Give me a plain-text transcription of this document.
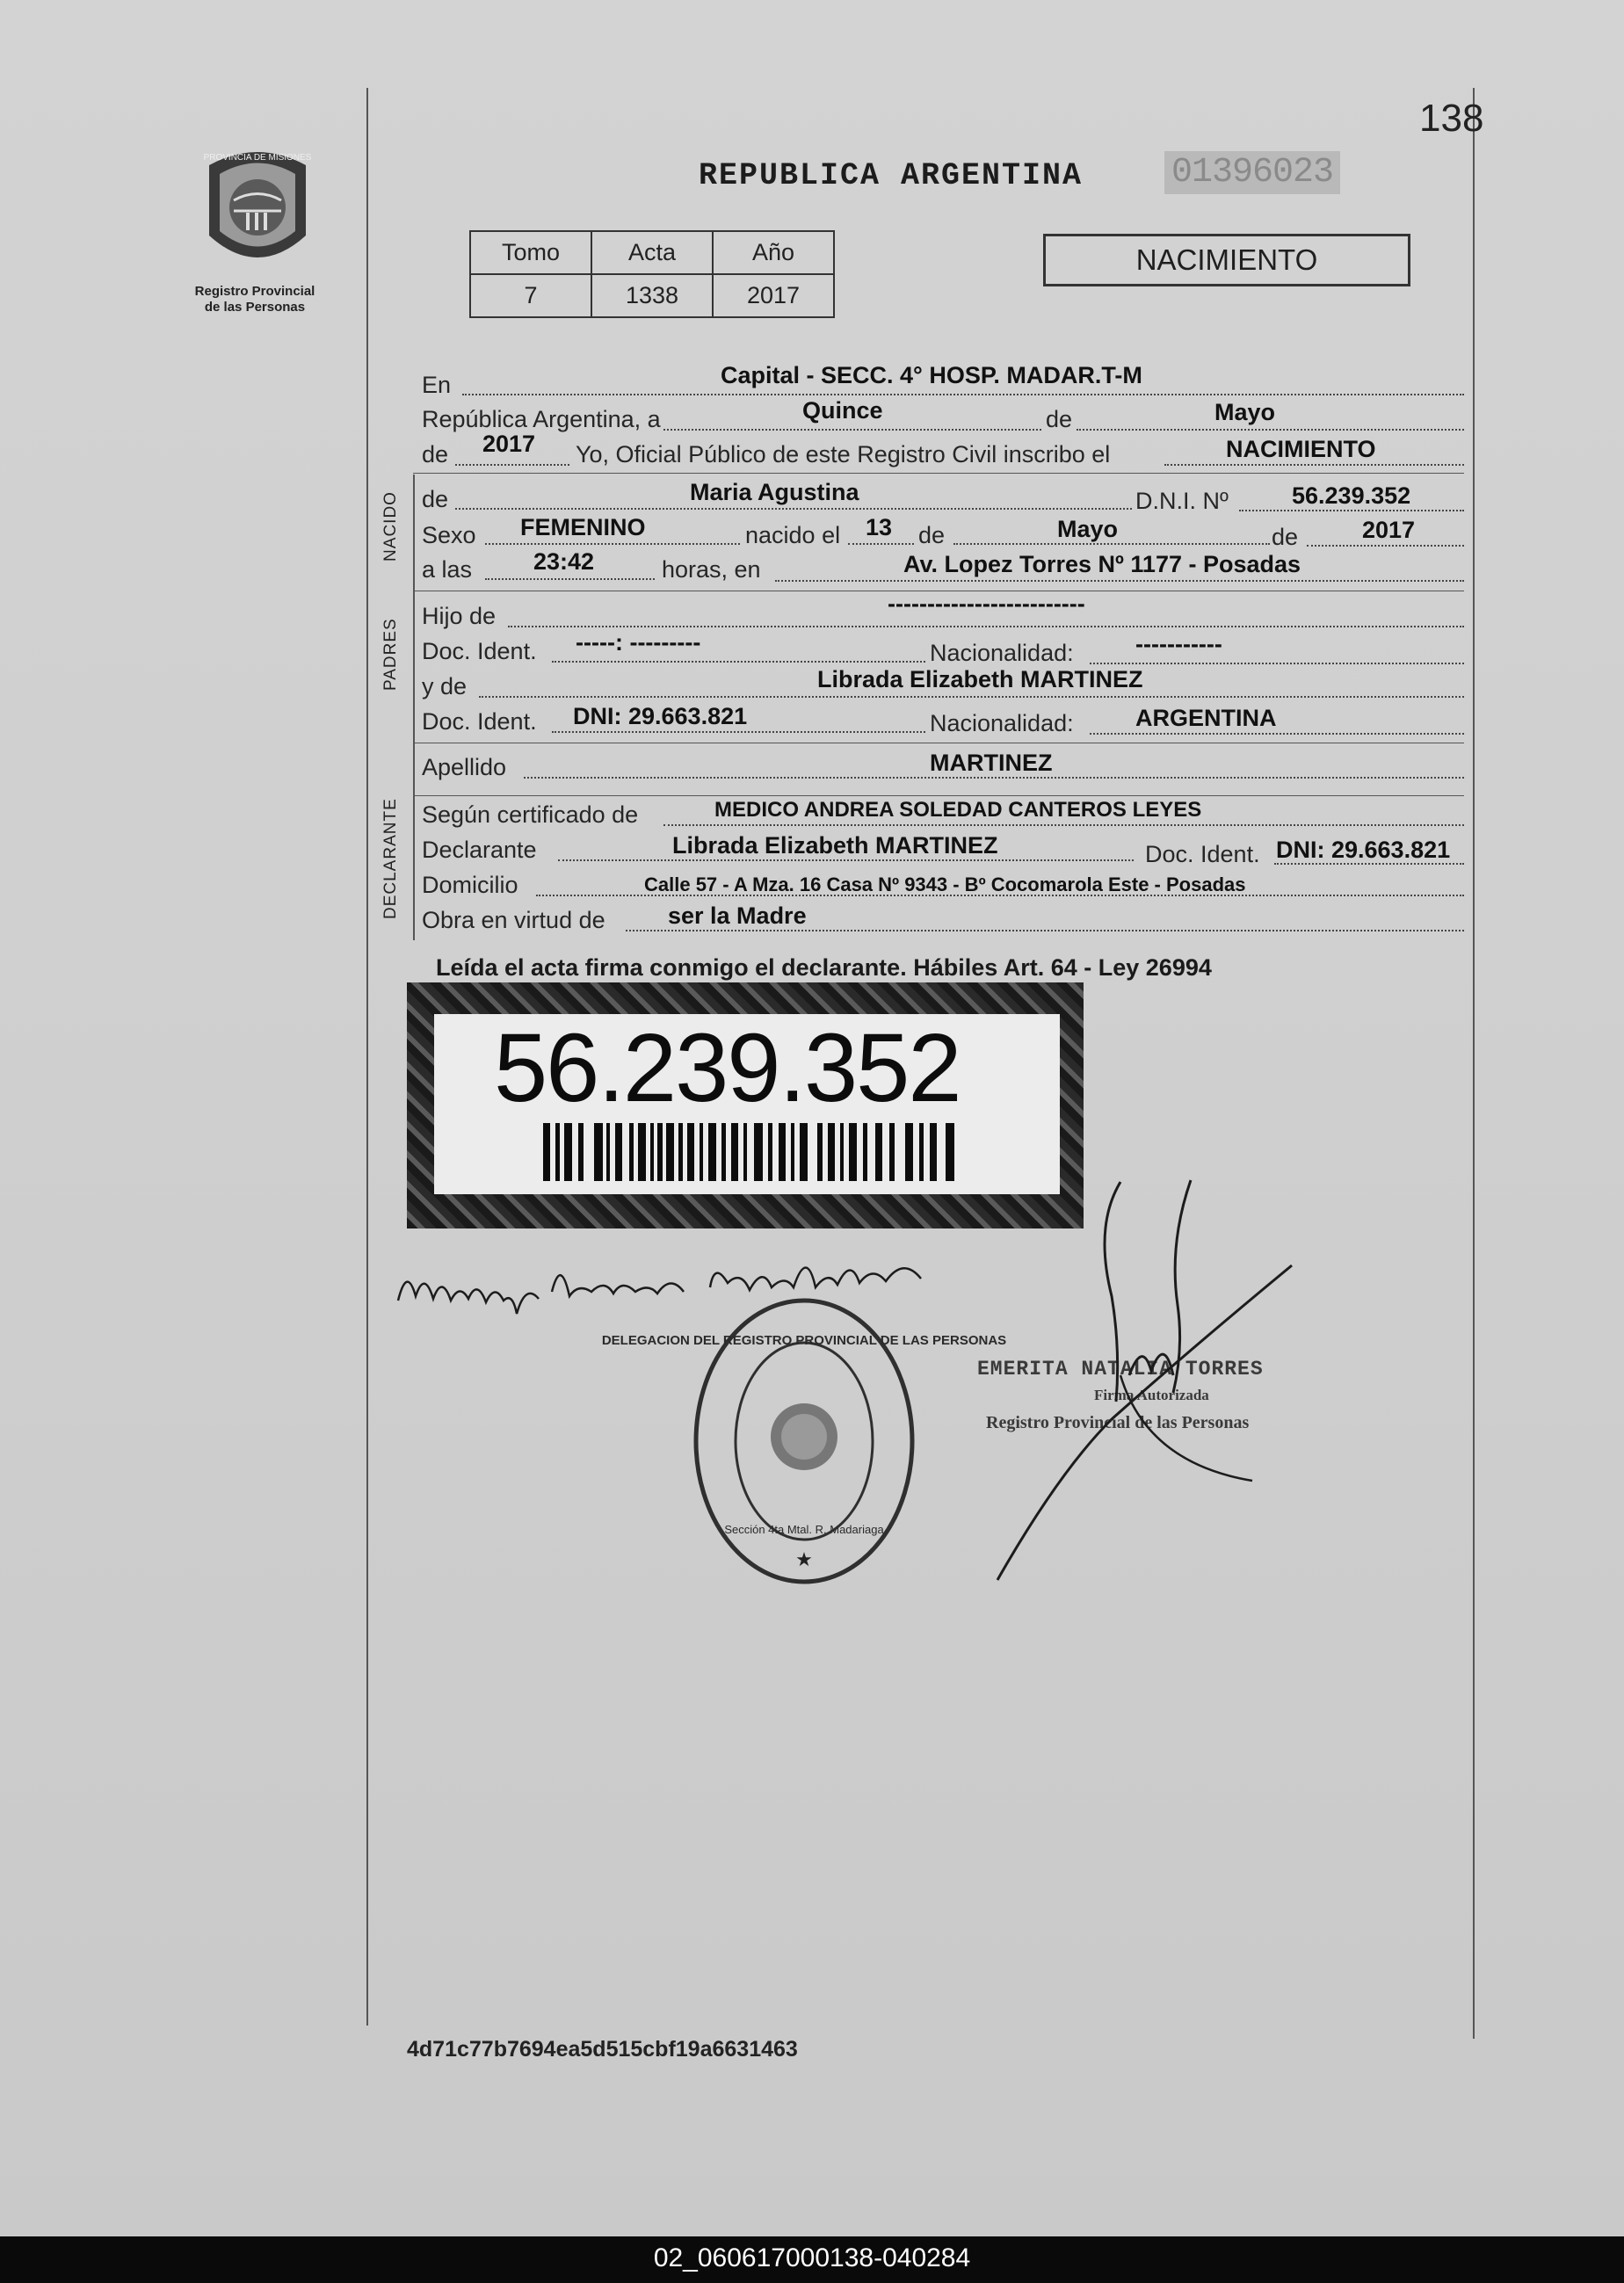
138
PROVINCIA DE MISIONES
Registro Provincial
de las Personas
REPUBLICA ARGENTINA	01396023
Tomo	Acta	Año
7	1338	2017
NACIMIENTO
NACIDO
PADRES
DECLARANTE
En	Capital - SECC. 4° HOSP. MADAR.T-M
República Argentina, a	Quince	de	Mayo
de 2017 Yo, Oficial Público de este Registro Civil inscribo el	NACIMIENTO
de	Maria Agustina	D.N.I. Nº	56.239.352
Sexo FEMENINO	nacido el 13 de	Mayo	de	2017
a las	23:42	horas, en	Av. Lopez Torres Nº 1177 - Posadas
Hijo de	-------------------------
Doc. Ident. -----: ---------	Nacionalidad:	-----------
y de	Librada Elizabeth MARTINEZ
Doc. Ident. DNI: 29.663.821	Nacionalidad:	ARGENTINA
Apellido	MARTINEZ
Según certificado de	MEDICO ANDREA SOLEDAD CANTEROS LEYES
Declarante	Librada Elizabeth MARTINEZ	Doc. Ident. DNI: 29.663.821
Domicilio	Calle 57 - A Mza. 16 Casa Nº 9343 - Bº Cocomarola Este - Posadas
Obra en virtud de	ser la Madre
Leída el acta firma conmigo el declarante. Hábiles Art. 64 - Ley 26994
56.239.352
DELEGACION DEL REGISTRO PROVINCIAL DE LAS PERSONAS
Sección 4ta Mtal. R. Madariaga
★
EMERITA NATALIA TORRES
Firma Autorizada
Registro Provincial de las Personas
4d71c77b7694ea5d515cbf19a6631463
02_060617000138-040284
